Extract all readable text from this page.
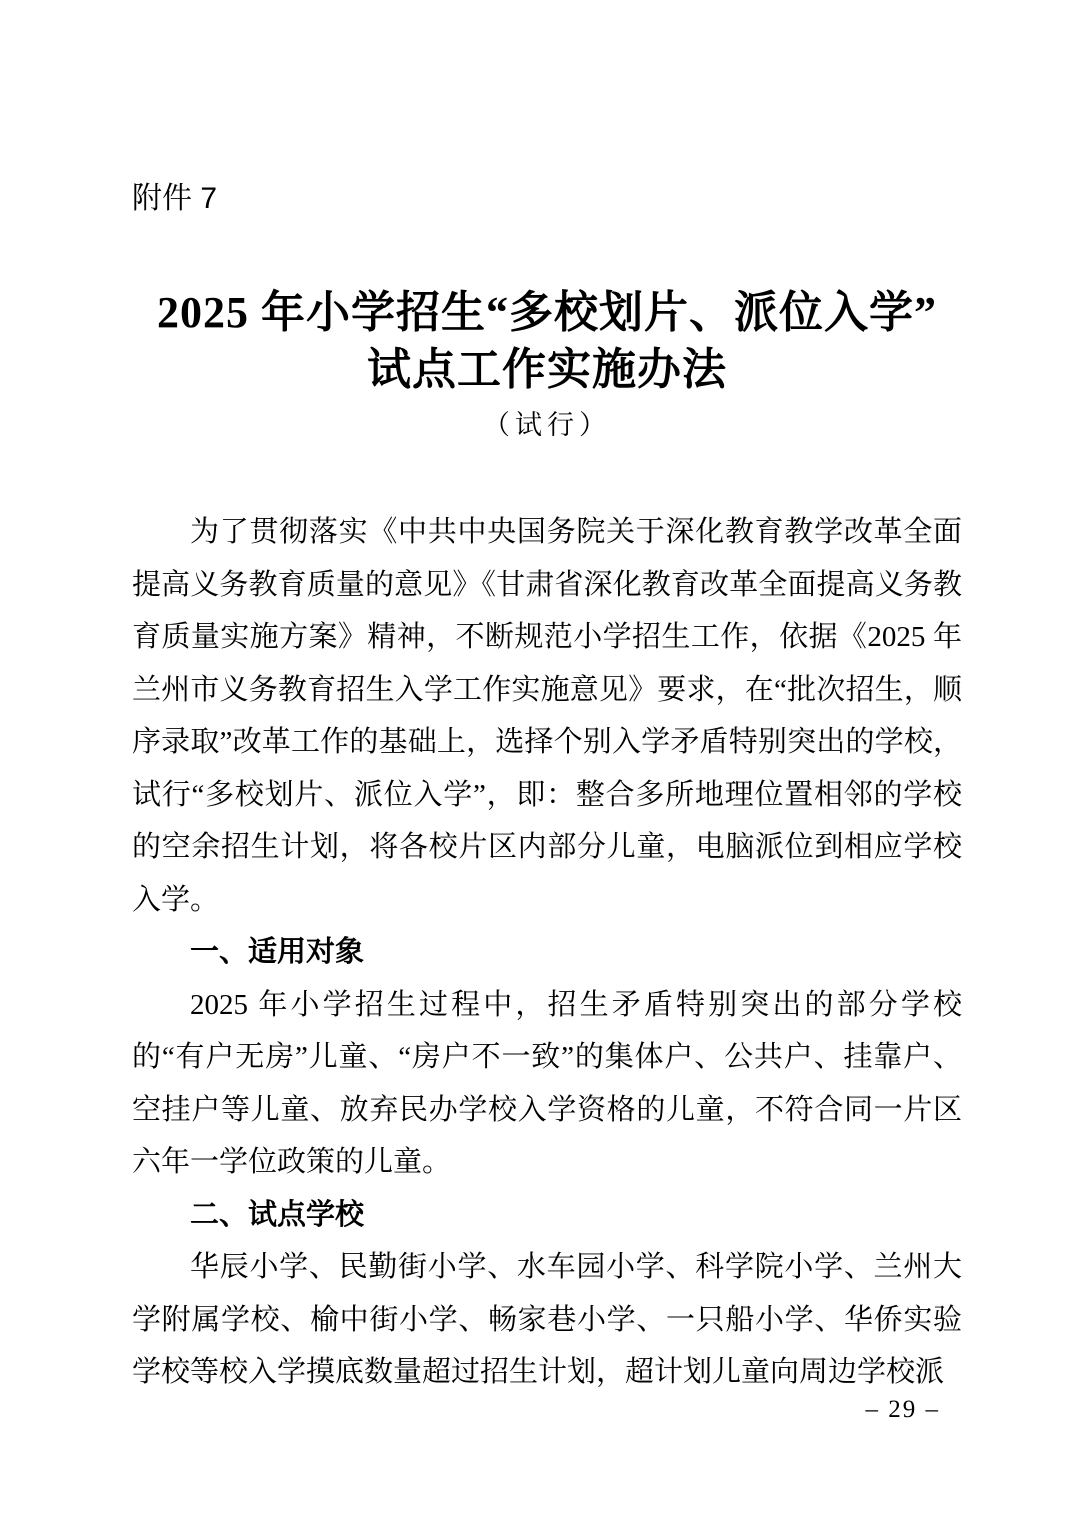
附件 7
2025 年小学招生“多校划片、派位入学”
试点工作实施办法
（试行）

为了贯彻落实《中共中央国务院关于深化教育教学改革全面提高义务教育质量的意见》《甘肃省深化教育改革全面提高义务教育质量实施方案》精神，不断规范小学招生工作，依据《2025 年兰州市义务教育招生入学工作实施意见》要求，在“批次招生，顺序录取”改革工作的基础上，选择个别入学矛盾特别突出的学校，试行“多校划片、派位入学”，即：整合多所地理位置相邻的学校的空余招生计划，将各校片区内部分儿童，电脑派位到相应学校入学。

一、适用对象

2025 年小学招生过程中，招生矛盾特别突出的部分学校的“有户无房”儿童、“房户不一致”的集体户、公共户、挂靠户、空挂户等儿童、放弃民办学校入学资格的儿童，不符合同一片区六年一学位政策的儿童。

二、试点学校

华辰小学、民勤街小学、水车园小学、科学院小学、兰州大学附属学校、榆中街小学、畅家巷小学、一只船小学、华侨实验学校等校入学摸底数量超过招生计划，超计划儿童向周边学校派

– 29 –
